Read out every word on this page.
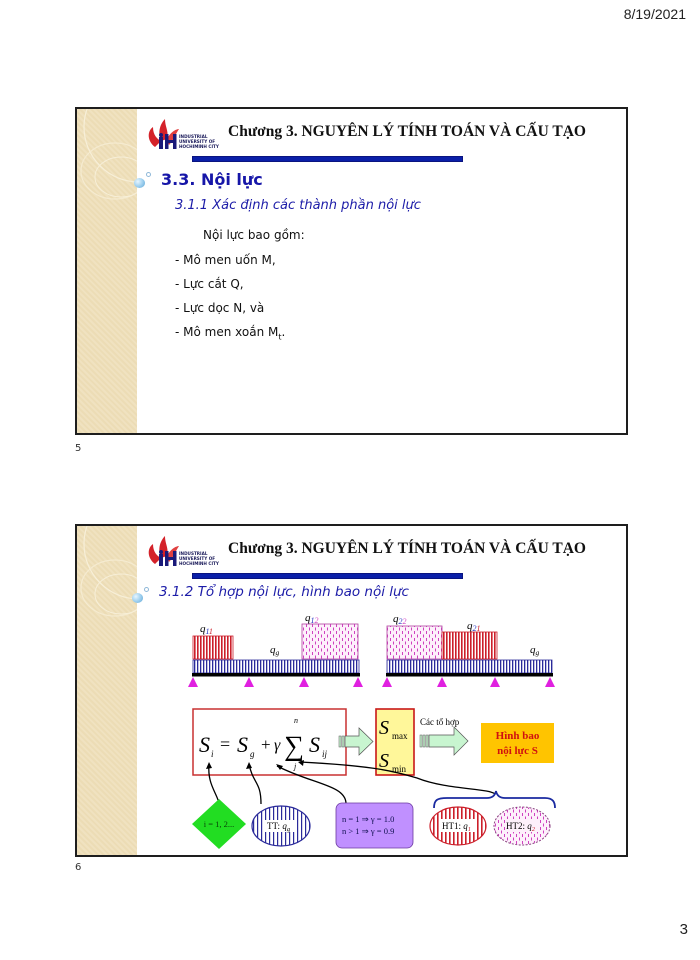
8/19/2021
INDUSTRIAL
UNIVERSITY OF
HOCHIMINH CITY
Chương 3. NGUYÊN LÝ TÍNH TOÁN VÀ CẤU TẠO
3.3. Nội lực
3.1.1 Xác định các thành phần nội lực
Nội lực bao gồm:
- Mô men uốn M,
- Lực cắt Q,
- Lực dọc N, và
- Mô men xoắn $M_t$.
5
INDUSTRIAL
UNIVERSITY OF
HOCHIMINH CITY
Chương 3. NGUYÊN LÝ TÍNH TOÁN VÀ CẤU TẠO
3.1.2 Tổ hợp nội lực, hình bao nội lực
q11
q12
qg
q22	q21
qg
S i = S g + γ ∑
n
j
S ij
S max
S min
Các tổ hợp
Hình bao
nội lực S
i = 1, 2...	TT: $q_g$
n = 1 ⇒ γ = 1.0
n > 1 ⇒ γ = 0.9	HT1: $q_1$	HT2: $q_2$
6
3
